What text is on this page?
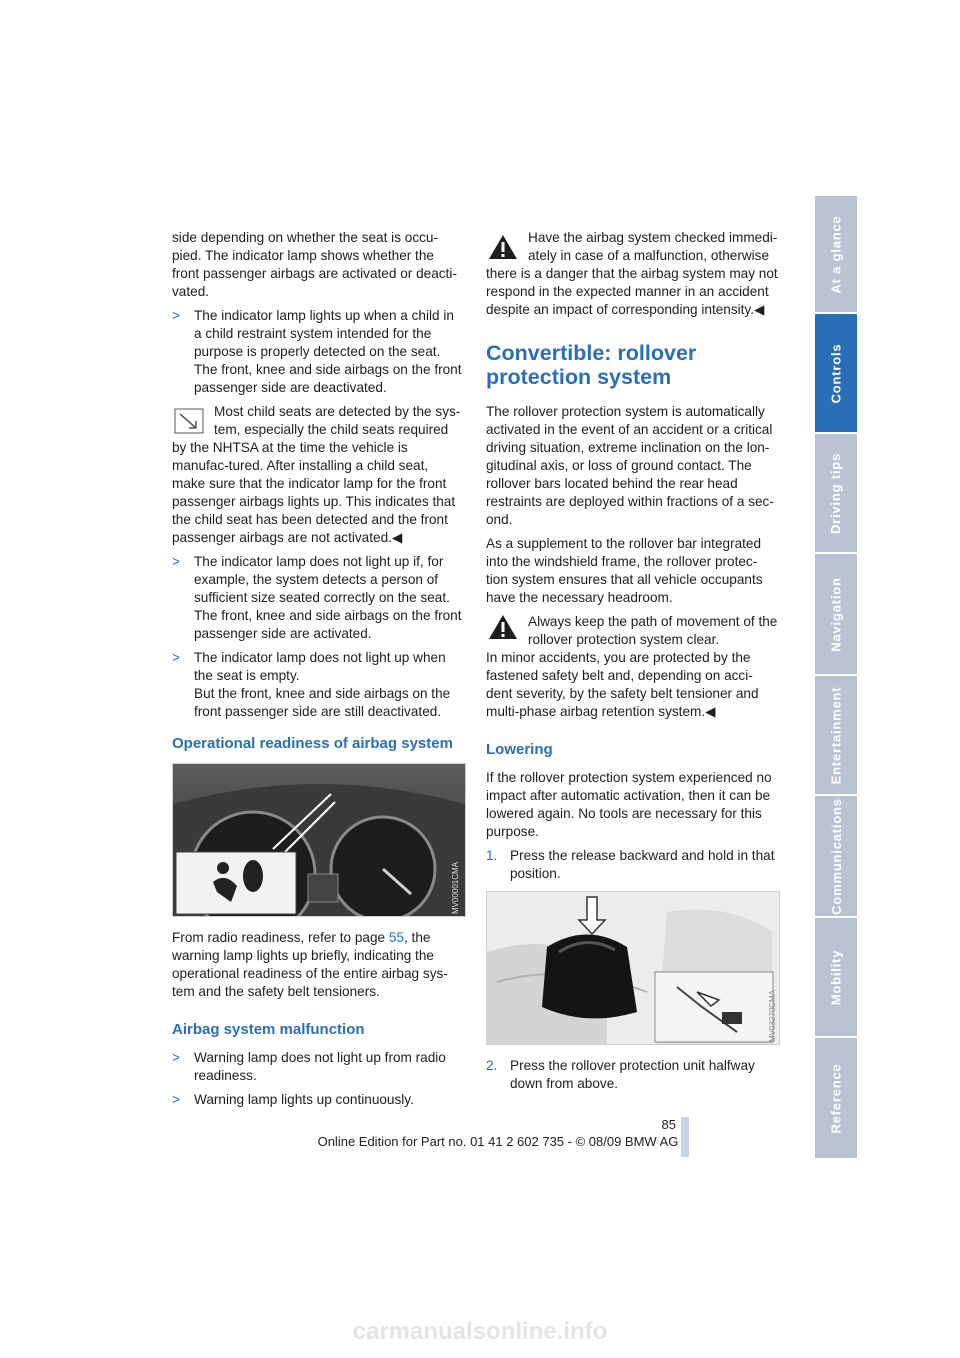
side depending on whether the seat is occu-pied. The indicator lamp shows whether the front passenger airbags are activated or deacti-vated.

> The indicator lamp lights up when a child in a child restraint system intended for the purpose is properly detected on the seat. The front, knee and side airbags on the front passenger side are deactivated.
Most child seats are detected by the sys-tem, especially the child seats required by the NHTSA at the time the vehicle is manufac-tured. After installing a child seat, make sure that the indicator lamp for the front passenger airbags lights up. This indicates that the child seat has been detected and the front passenger airbags are not activated.◀
> The indicator lamp does not light up if, for example, the system detects a person of sufficient size seated correctly on the seat. The front, knee and side airbags on the front passenger side are activated.
> The indicator lamp does not light up when the seat is empty.
But the front, knee and side airbags on the front passenger side are still deactivated.
Operational readiness of airbag system
MV00001CMA

From radio readiness, refer to page 55, the warning lamp lights up briefly, indicating the operational readiness of the entire airbag sys-tem and the safety belt tensioners.

Airbag system malfunction
> Warning lamp does not light up from radio readiness.
> Warning lamp lights up continuously.
Have the airbag system checked immedi-ately in case of a malfunction, otherwise there is a danger that the airbag system may not respond in the expected manner in an accident despite an impact of corresponding intensity.◀
Convertible: rollover protection system

The rollover protection system is automatically activated in the event of an accident or a critical driving situation, extreme inclination on the lon-gitudinal axis, or loss of ground contact. The rollover bars located behind the rear head restraints are deployed within fractions of a sec-ond.

As a supplement to the rollover bar integrated into the windshield frame, the rollover protec-tion system ensures that all vehicle occupants have the necessary headroom.

Always keep the path of movement of the rollover protection system clear.

In minor accidents, you are protected by the fastened safety belt and, depending on acci-dent severity, by the safety belt tensioner and multi-phase airbag retention system.◀

Lowering

If the rollover protection system experienced no impact after automatic activation, then it can be lowered again. No tools are necessary for this purpose.

1. Press the release backward and hold in that position.
MV03270CMA
2. Press the rollover protection unit halfway down from above.
At a glance
Controls
Driving tips
Navigation
Entertainment
Communications
Mobility
Reference
85
Online Edition for Part no. 01 41 2 602 735 - © 08/09 BMW AG
carmanualsonline.info
